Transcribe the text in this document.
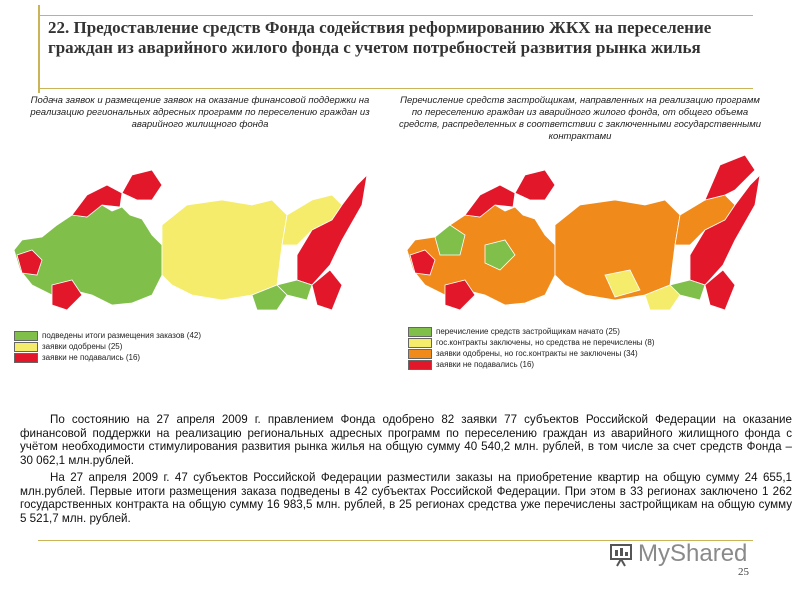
22. Предоставление средств Фонда содействия реформированию ЖКХ на переселение граждан из аварийного жилого фонда с учетом потребностей развития рынка жилья
Подача заявок и размещение заявок на оказание финансовой поддержки на реализацию региональных адресных программ по переселению граждан из аварийного жилищного фонда
Перечисление средств застройщикам, направленных на реализацию программ по переселению граждан из аварийного жилого фонда, от общего объема средств, распределенных в соответствии с заключенными государственными контрактами
подведены итоги размещения заказов (42)
заявки одобрены (25)
заявки не подавались (16)
перечисление средств застройщикам начато (25)
гос.контракты заключены, но средства не перечислены (8)
заявки одобрены, но гос.контракты не заключены (34)
заявки не подавались (16)

По состоянию на 27 апреля 2009 г. правлением Фонда одобрено 82 заявки 77 субъектов Российской Федерации на оказание финансовой поддержки на реализацию региональных адресных программ по переселению граждан из аварийного жилищного фонда с учётом необходимости стимулирования развития рынка жилья на общую сумму 40 540,2 млн. рублей, в том числе за счет средств Фонда – 30 062,1 млн.рублей.

На 27 апреля 2009 г. 47 субъектов Российской Федерации разместили заказы на приобретение квартир на общую сумму 24 655,1 млн.рублей. Первые итоги размещения заказа подведены в 42 субъектах Российской Федерации. При этом в 33 регионах заключено 1 262 государственных контракта на общую сумму 16 983,5 млн. рублей, в 25 регионах средства уже перечислены застройщикам на общую сумму 5 521,7 млн. рублей.

MyShared
25
